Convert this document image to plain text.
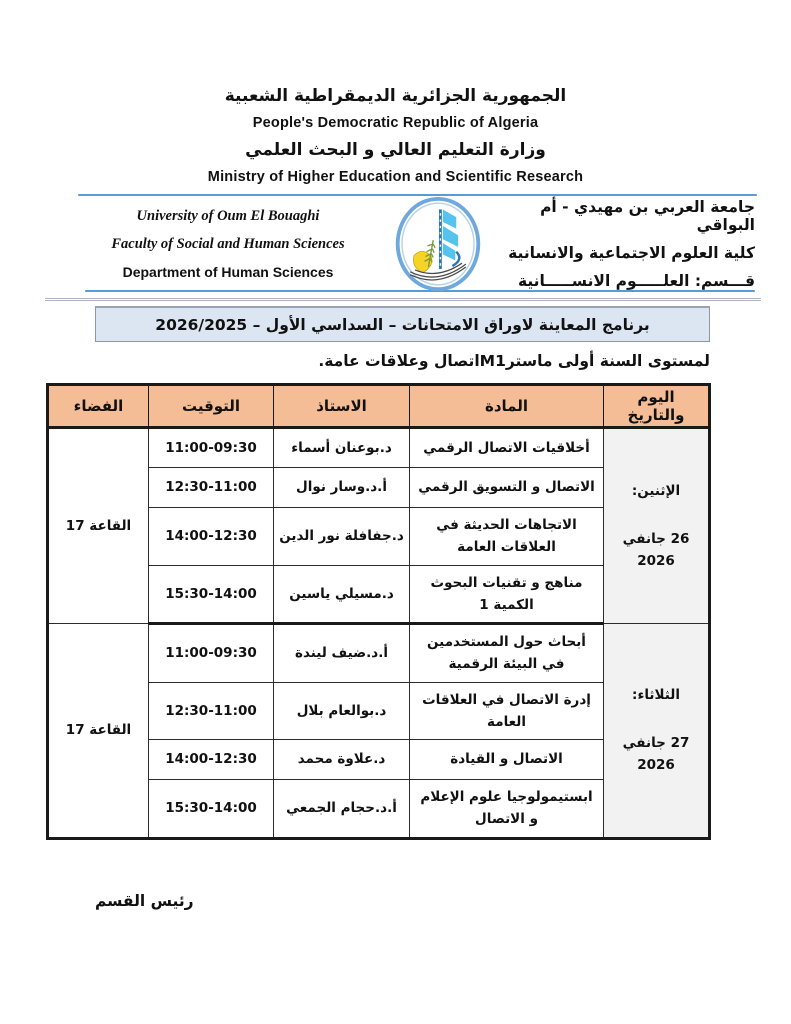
الجمهورية الجزائرية الديمقراطية الشعبية
People's Democratic Republic of Algeria
وزارة التعليم العالي و البحث العلمي
Ministry of Higher Education and Scientific Research
University of Oum El Bouaghi
Faculty of Social and Human Sciences
Department of Human Sciences
جامعة العربي بن مهيدي - أم البواقي
كلية العلوم الاجتماعية والانسانية
قـــسم: العلـــــوم الانســـــانية
برنامج المعاينة لاوراق الامتحانات – السداسي الأول – 2026/2025
لمستوى السنة أولى ماسترM1اتصال وعلاقات عامة.
اليوم والتاريخ	المادة	الاستاذ	التوقيت	الفضاء

الإثنين:
26 جانفي 2026	أخلاقيات الاتصال الرقمي	د.بوعنان أسماء	11:00-09:30	القاعة 17
	الاتصال و التسويق الرقمي	أ.د.وسار نوال	12:30-11:00	
	الاتجاهات الحديثة في العلاقات العامة	د.جفافلة نور الدين	14:00-12:30	
	مناهج و تقنيات البحوث الكمية 1	د.مسيلي ياسين	15:30-14:00	

الثلاثاء:
27 جانفي 2026	أبحاث حول المستخدمين في البيئة الرقمية	أ.د.ضيف ليندة	11:00-09:30	القاعة 17
	إدرة الاتصال في العلاقات العامة	د.بوالعام بلال	12:30-11:00	
	الاتصال و القيادة	د.علاوة محمد	14:00-12:30	
	ابستيمولوجيا علوم الإعلام و الاتصال	أ.د.حجام الجمعي	15:30-14:00	
رئيس القسم
